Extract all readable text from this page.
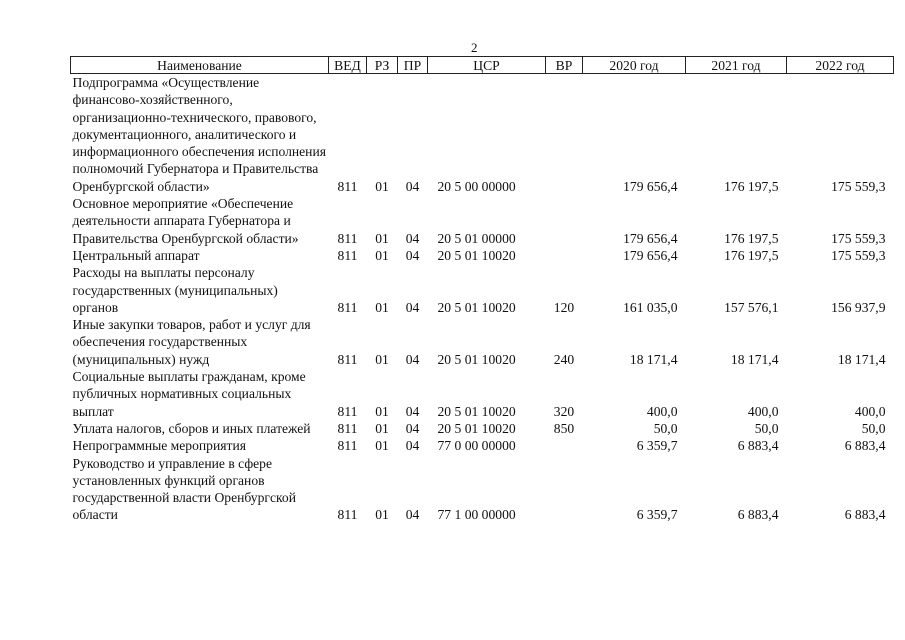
2
Наименование	ВЕД	РЗ	ПР	ЦСР	ВР	2020 год	2021 год	2022 год
Подпрограмма «Осуществление финансово-хозяйственного, организационно-технического, правового, документационного, аналитического и информационного обеспечения исполнения полномочий Губернатора и Правительства Оренбургской области»	811	01	04	20 5 00 00000		179 656,4	176 197,5	175 559,3
Основное мероприятие «Обеспечение деятельности аппарата Губернатора и Правительства Оренбургской области»	811	01	04	20 5 01 00000		179 656,4	176 197,5	175 559,3
Центральный аппарат	811	01	04	20 5 01 10020		179 656,4	176 197,5	175 559,3
Расходы на выплаты персоналу государственных (муниципальных) органов	811	01	04	20 5 01 10020	120	161 035,0	157 576,1	156 937,9
Иные закупки товаров, работ и услуг для обеспечения государственных (муниципальных) нужд	811	01	04	20 5 01 10020	240	18 171,4	18 171,4	18 171,4
Социальные выплаты гражданам, кроме публичных нормативных социальных выплат	811	01	04	20 5 01 10020	320	400,0	400,0	400,0
Уплата налогов, сборов и иных платежей	811	01	04	20 5 01 10020	850	50,0	50,0	50,0
Непрограммные мероприятия	811	01	04	77 0 00 00000		6 359,7	6 883,4	6 883,4
Руководство и управление в сфере установленных функций органов государственной власти Оренбургской области	811	01	04	77 1 00 00000		6 359,7	6 883,4	6 883,4
